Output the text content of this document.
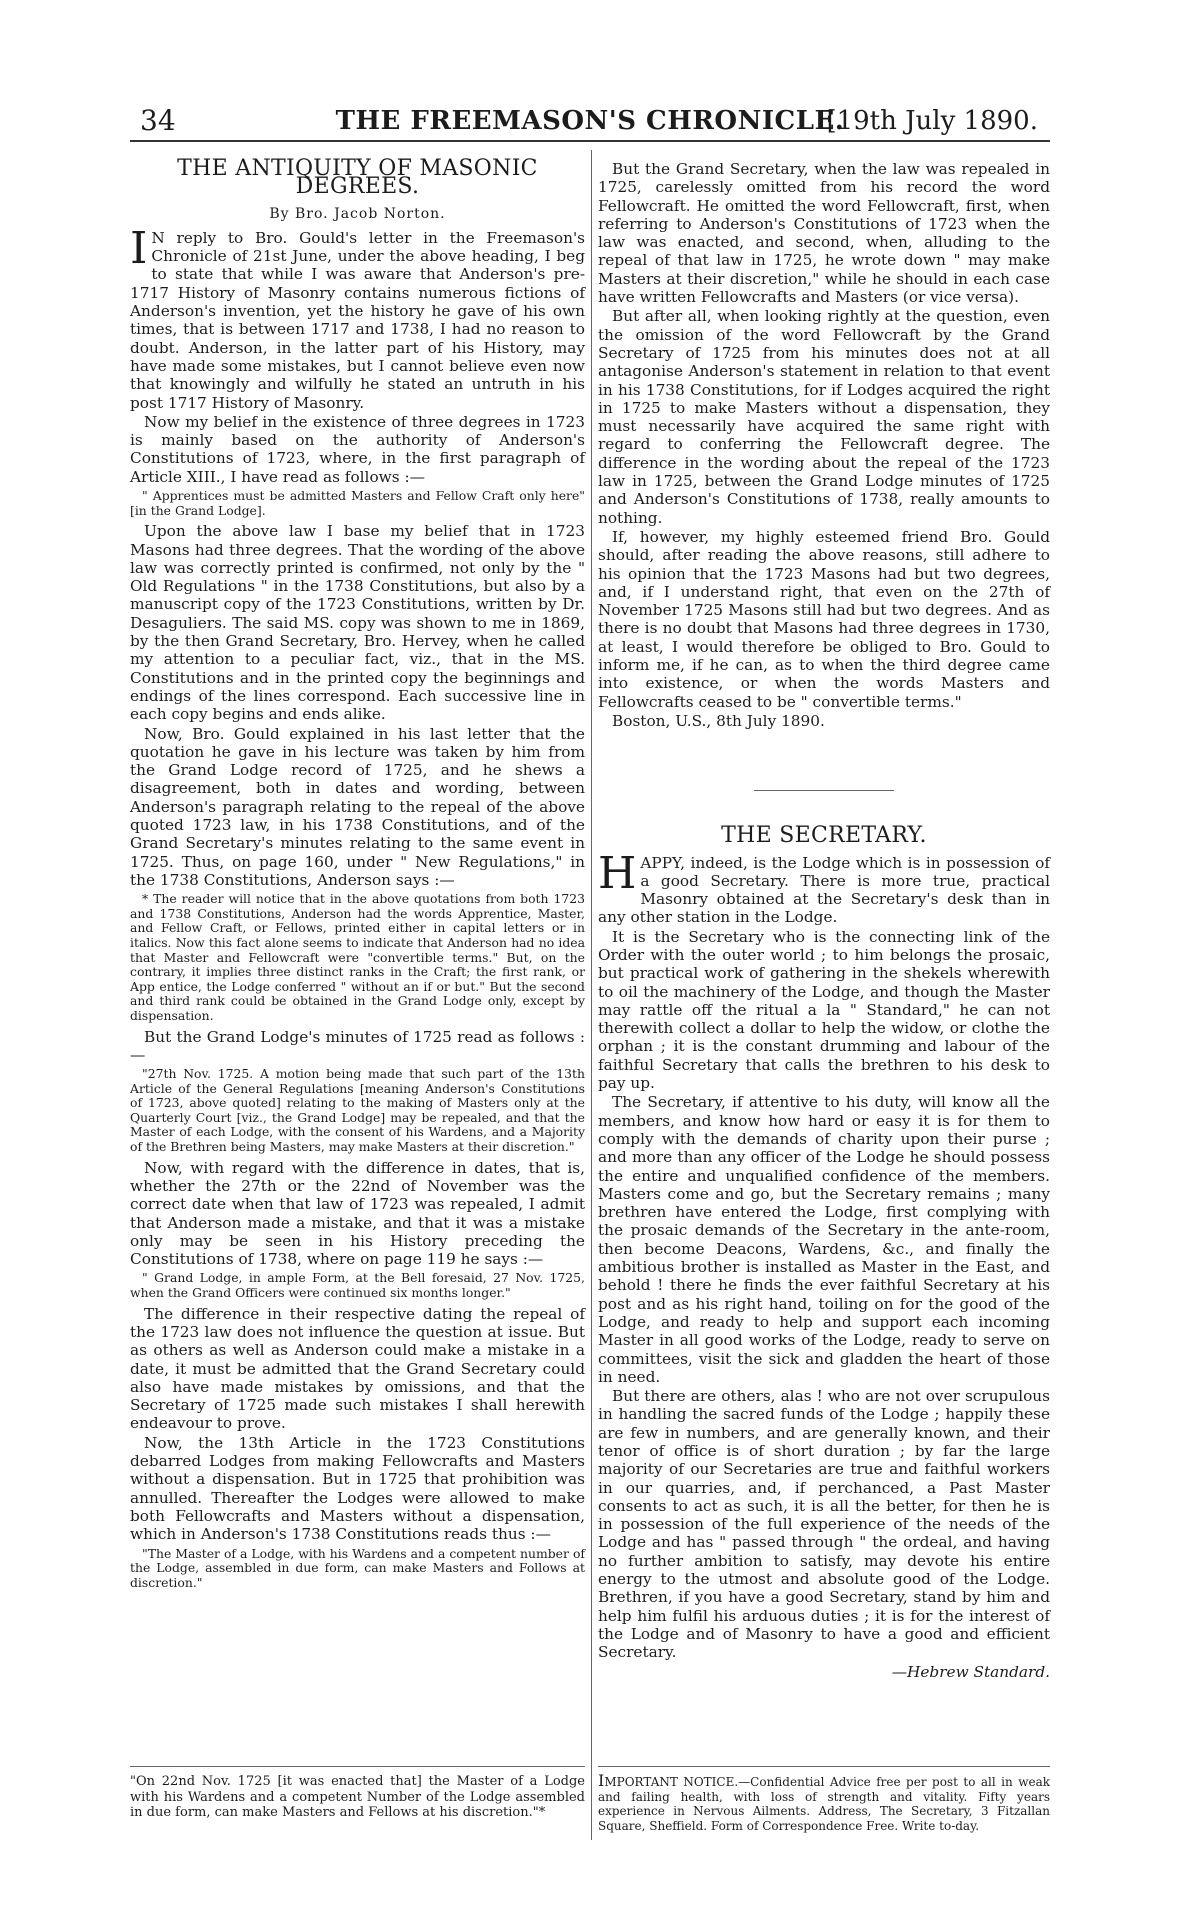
34	THE FREEMASON'S CHRONICLE.
[19th July 1890.
THE ANTIQUITY OF MASONIC DEGREES.
By Bro. Jacob Norton.

I N reply to Bro. Gould's letter in the Freemason's Chronicle of 21st June, under the above heading, I beg to state that while I was aware that Anderson's pre-1717 History of Masonry contains numerous fictions of Anderson's invention, yet the history he gave of his own times, that is between 1717 and 1738, I had no reason to doubt. Anderson, in the latter part of his History, may have made some mistakes, but I cannot believe even now that knowingly and wilfully he stated an untruth in his post 1717 History of Masonry.

Now my belief in the existence of three degrees in 1723 is mainly based on the authority of Anderson's Constitutions of 1723, where, in the first paragraph of Article XIII., I have read as follows :—

" Apprentices must be admitted Masters and Fellow Craft only here" [in the Grand Lodge].

Upon the above law I base my belief that in 1723 Masons had three degrees. That the wording of the above law was correctly printed is confirmed, not only by the " Old Regulations " in the 1738 Constitutions, but also by a manuscript copy of the 1723 Constitutions, written by Dr. Desaguliers. The said MS. copy was shown to me in 1869, by the then Grand Secretary, Bro. Hervey, when he called my attention to a peculiar fact, viz., that in the MS. Constitutions and in the printed copy the beginnings and endings of the lines correspond. Each successive line in each copy begins and ends alike.

Now, Bro. Gould explained in his last letter that the quotation he gave in his lecture was taken by him from the Grand Lodge record of 1725, and he shews a disagreement, both in dates and wording, between Anderson's paragraph relating to the repeal of the above quoted 1723 law, in his 1738 Constitutions, and of the Grand Secretary's minutes relating to the same event in 1725. Thus, on page 160, under " New Regulations," in the 1738 Constitutions, Anderson says :—

* The reader will notice that in the above quotations from both 1723 and 1738 Constitutions, Anderson had the words Apprentice, Master, and Fellow Craft, or Fellows, printed either in capital letters or in italics. Now this fact alone seems to indicate that Anderson had no idea that Master and Fellowcraft were "convertible terms." But, on the contrary, it implies three distinct ranks in the Craft; the first rank, or App entice, the Lodge conferred " without an if or but." But the second and third rank could be obtained in the Grand Lodge only, except by dispensation.

But the Grand Lodge's minutes of 1725 read as follows :—

"27th Nov. 1725. A motion being made that such part of the 13th Article of the General Regulations [meaning Anderson's Constitutions of 1723, above quoted] relating to the making of Masters only at the Quarterly Court [viz., the Grand Lodge] may be repealed, and that the Master of each Lodge, with the consent of his Wardens, and a Majority of the Brethren being Masters, may make Masters at their discretion."

Now, with regard with the difference in dates, that is, whether the 27th or the 22nd of November was the correct date when that law of 1723 was repealed, I admit that Anderson made a mistake, and that it was a mistake only may be seen in his History preceding the Constitutions of 1738, where on page 119 he says :—

" Grand Lodge, in ample Form, at the Bell foresaid, 27 Nov. 1725, when the Grand Officers were continued six months longer."

The difference in their respective dating the repeal of the 1723 law does not influence the question at issue. But as others as well as Anderson could make a mistake in a date, it must be admitted that the Grand Secretary could also have made mistakes by omissions, and that the Secretary of 1725 made such mistakes I shall herewith endeavour to prove.

Now, the 13th Article in the 1723 Constitutions debarred Lodges from making Fellowcrafts and Masters without a dispensation. But in 1725 that prohibition was annulled. Thereafter the Lodges were allowed to make both Fellowcrafts and Masters without a dispensation, which in Anderson's 1738 Constitutions reads thus :—

"The Master of a Lodge, with his Wardens and a competent number of the Lodge, assembled in due form, can make Masters and Follows at discretion."

But the Grand Secretary, when the law was repealed in 1725, carelessly omitted from his record the word Fellowcraft. He omitted the word Fellowcraft, first, when referring to Anderson's Constitutions of 1723 when the law was enacted, and second, when, alluding to the repeal of that law in 1725, he wrote down " may make Masters at their discretion," while he should in each case have written Fellowcrafts and Masters (or vice versa).

But after all, when looking rightly at the question, even the omission of the word Fellowcraft by the Grand Secretary of 1725 from his minutes does not at all antagonise Anderson's statement in relation to that event in his 1738 Constitutions, for if Lodges acquired the right in 1725 to make Masters without a dispensation, they must necessarily have acquired the same right with regard to conferring the Fellowcraft degree. The difference in the wording about the repeal of the 1723 law in 1725, between the Grand Lodge minutes of 1725 and Anderson's Constitutions of 1738, really amounts to nothing.

If, however, my highly esteemed friend Bro. Gould should, after reading the above reasons, still adhere to his opinion that the 1723 Masons had but two degrees, and, if I understand right, that even on the 27th of November 1725 Masons still had but two degrees. And as there is no doubt that Masons had three degrees in 1730, at least, I would therefore be obliged to Bro. Gould to inform me, if he can, as to when the third degree came into existence, or when the words Masters and Fellowcrafts ceased to be " convertible terms."

Boston, U.S., 8th July 1890.

THE SECRETARY.

HAPPY, indeed, is the Lodge which is in possession of a good Secretary. There is more true, practical Masonry obtained at the Secretary's desk than in any other station in the Lodge.

It is the Secretary who is the connecting link of the Order with the outer world ; to him belongs the prosaic, but practical work of gathering in the shekels wherewith to oil the machinery of the Lodge, and though the Master may rattle off the ritual a la " Standard," he can not therewith collect a dollar to help the widow, or clothe the orphan ; it is the constant drumming and labour of the faithful Secretary that calls the brethren to his desk to pay up.

The Secretary, if attentive to his duty, will know all the members, and know how hard or easy it is for them to comply with the demands of charity upon their purse ; and more than any officer of the Lodge he should possess the entire and unqualified confidence of the members. Masters come and go, but the Secretary remains ; many brethren have entered the Lodge, first complying with the prosaic demands of the Secretary in the ante-room, then become Deacons, Wardens, &c., and finally the ambitious brother is installed as Master in the East, and behold ! there he finds the ever faithful Secretary at his post and as his right hand, toiling on for the good of the Lodge, and ready to help and support each incoming Master in all good works of the Lodge, ready to serve on committees, visit the sick and gladden the heart of those in need.

But there are others, alas ! who are not over scrupulous in handling the sacred funds of the Lodge ; happily these are few in numbers, and are generally known, and their tenor of office is of short duration ; by far the large majority of our Secretaries are true and faithful workers in our quarries, and, if perchanced, a Past Master consents to act as such, it is all the better, for then he is in possession of the full experience of the needs of the Lodge and has " passed through " the ordeal, and having no further ambition to satisfy, may devote his entire energy to the utmost and absolute good of the Lodge. Brethren, if you have a good Secretary, stand by him and help him fulfil his arduous duties ; it is for the interest of the Lodge and of Masonry to have a good and efficient Secretary.

—Hebrew Standard.

"On 22nd Nov. 1725 [it was enacted that] the Master of a Lodge with his Wardens and a competent Number of the Lodge assembled in due form, can make Masters and Fellows at his discretion."*
IMPORTANT NOTICE.—Confidential Advice free per post to all in weak and failing health, with loss of strength and vitality. Fifty years experience in Nervous Ailments. Address, The Secretary, 3 Fitzallan Square, Sheffield. Form of Correspondence Free. Write to-day.
